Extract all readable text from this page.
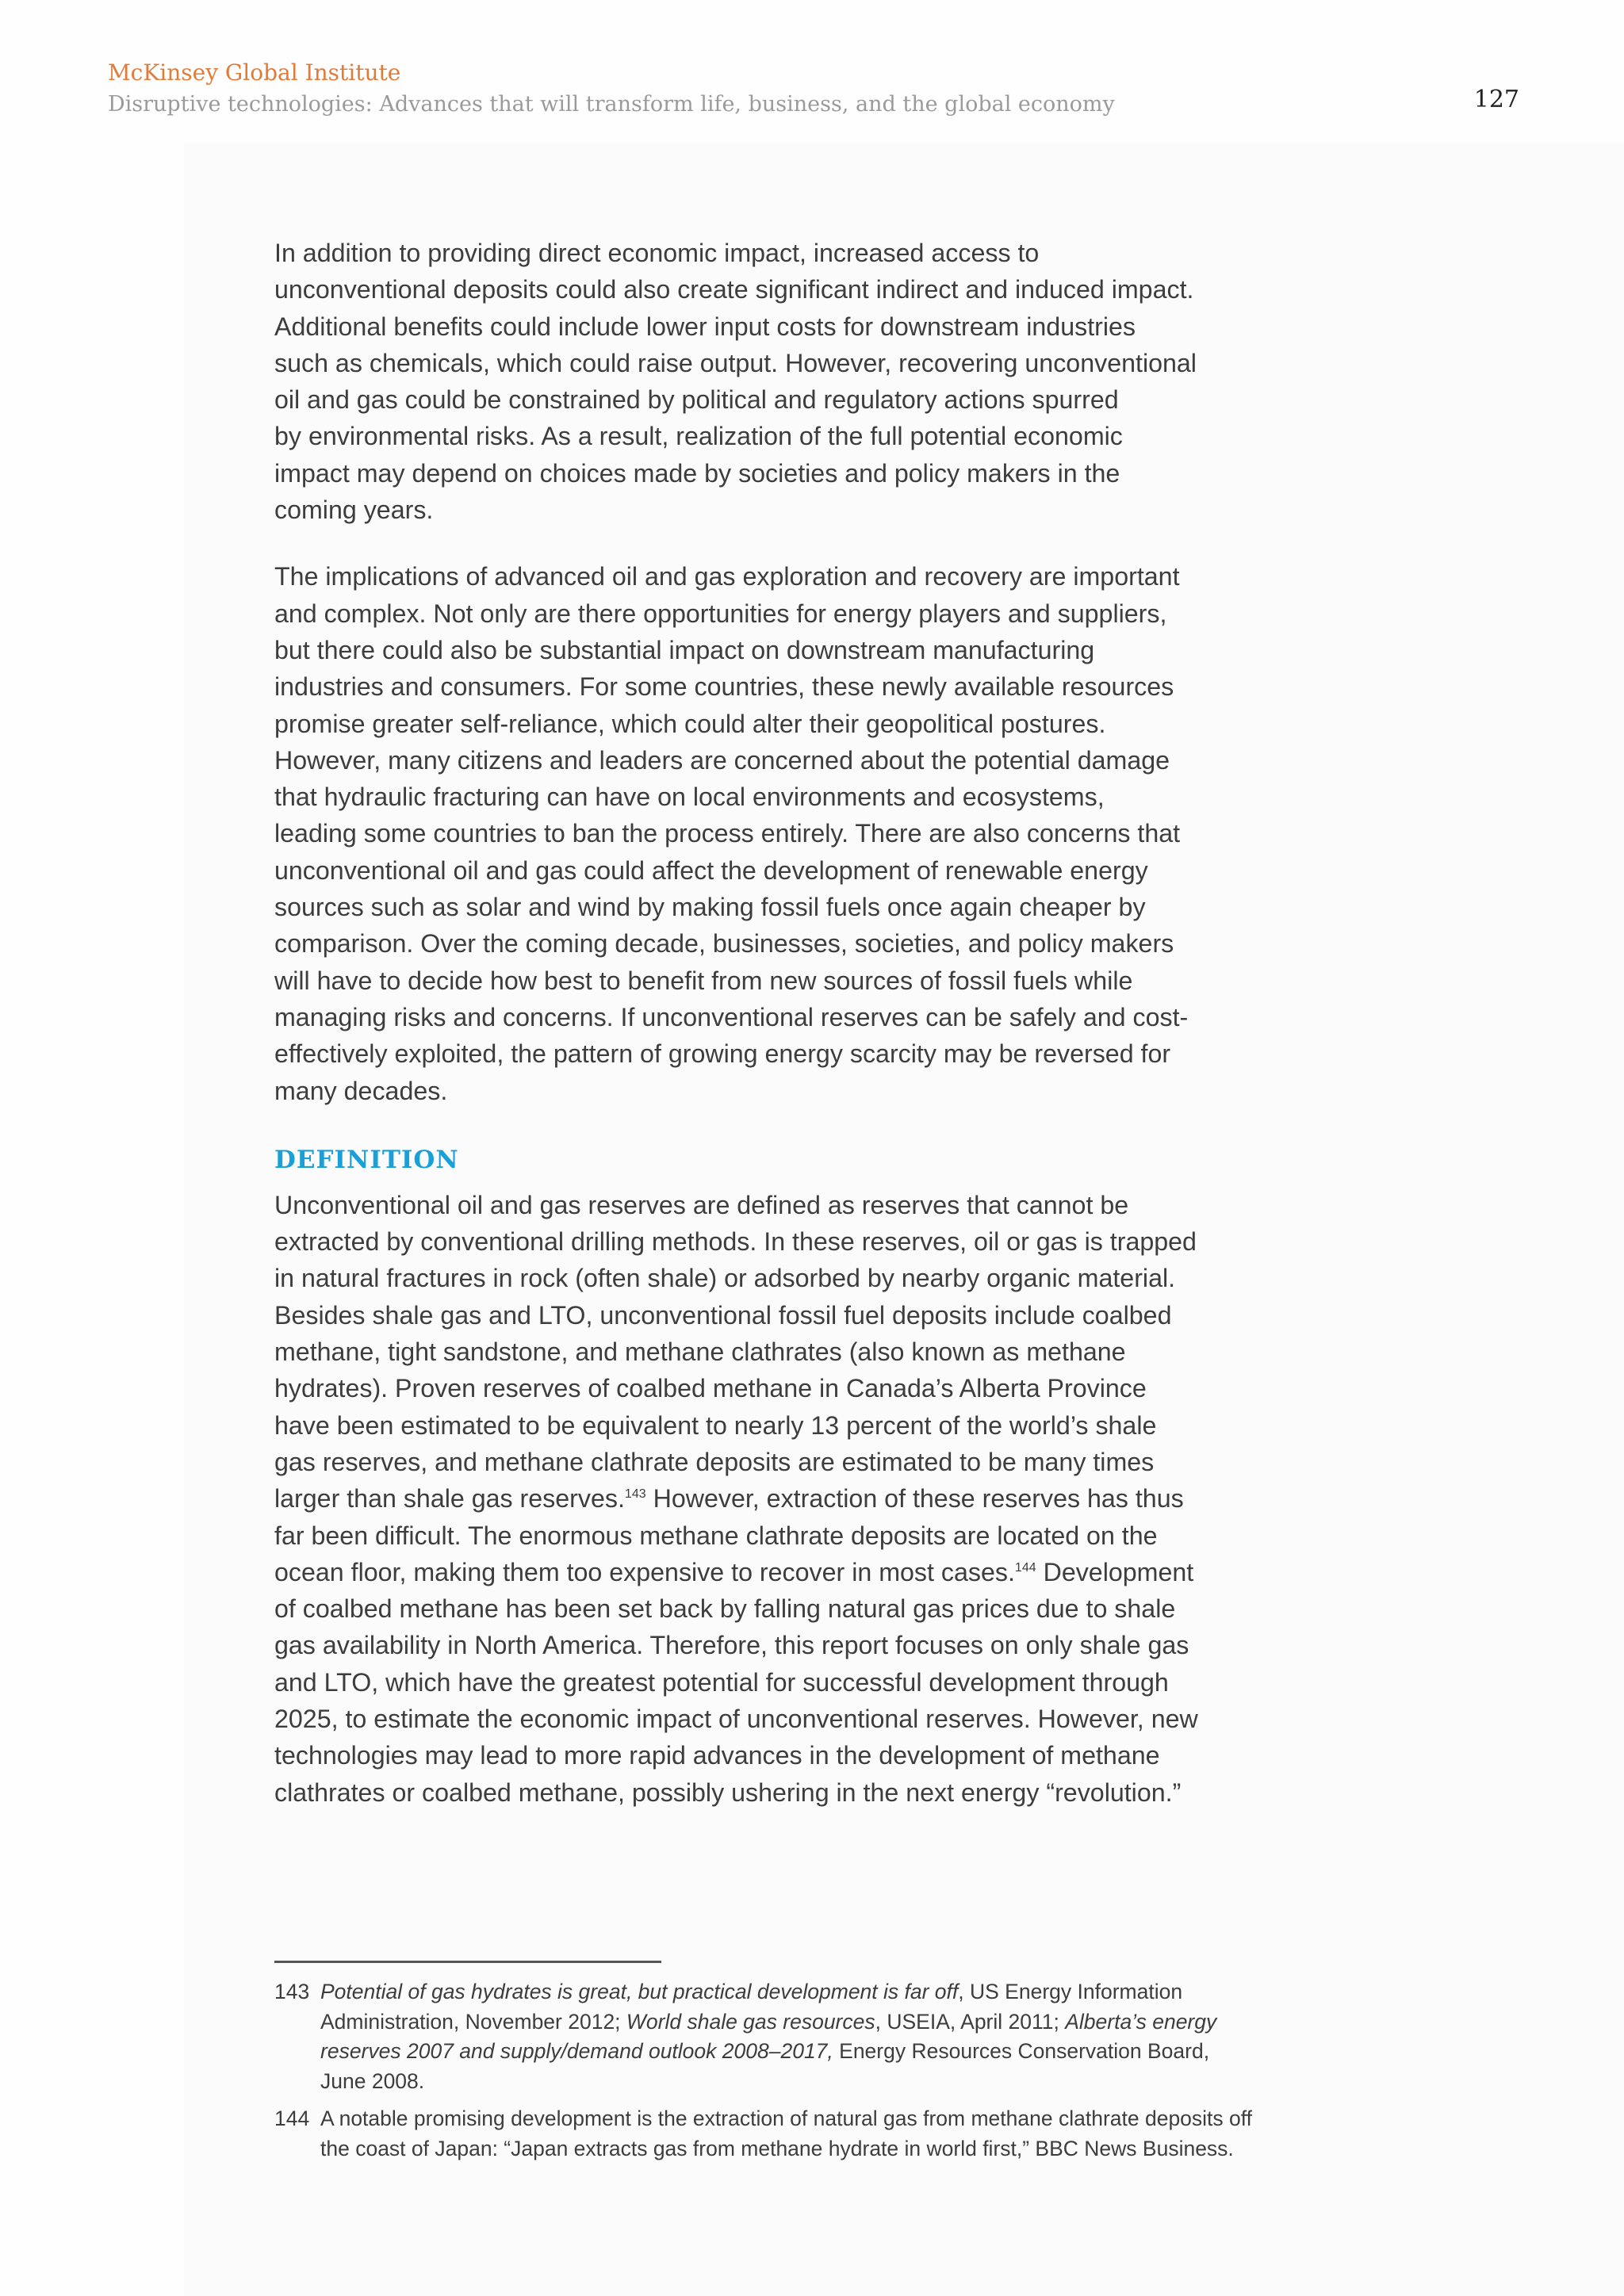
McKinsey Global Institute
Disruptive technologies: Advances that will transform life, business, and the global economy	127

In addition to providing direct economic impact, increased access to
unconventional deposits could also create significant indirect and induced impact.
Additional benefits could include lower input costs for downstream industries
such as chemicals, which could raise output. However, recovering unconventional
oil and gas could be constrained by political and regulatory actions spurred
by environmental risks. As a result, realization of the full potential economic
impact may depend on choices made by societies and policy makers in the
coming years.

The implications of advanced oil and gas exploration and recovery are important
and complex. Not only are there opportunities for energy players and suppliers,
but there could also be substantial impact on downstream manufacturing
industries and consumers. For some countries, these newly available resources
promise greater self-reliance, which could alter their geopolitical postures.
However, many citizens and leaders are concerned about the potential damage
that hydraulic fracturing can have on local environments and ecosystems,
leading some countries to ban the process entirely. There are also concerns that
unconventional oil and gas could affect the development of renewable energy
sources such as solar and wind by making fossil fuels once again cheaper by
comparison. Over the coming decade, businesses, societies, and policy makers
will have to decide how best to benefit from new sources of fossil fuels while
managing risks and concerns. If unconventional reserves can be safely and cost-
effectively exploited, the pattern of growing energy scarcity may be reversed for
many decades.

DEFINITION

Unconventional oil and gas reserves are defined as reserves that cannot be
extracted by conventional drilling methods. In these reserves, oil or gas is trapped
in natural fractures in rock (often shale) or adsorbed by nearby organic material.
Besides shale gas and LTO, unconventional fossil fuel deposits include coalbed
methane, tight sandstone, and methane clathrates (also known as methane
hydrates). Proven reserves of coalbed methane in Canada’s Alberta Province
have been estimated to be equivalent to nearly 13 percent of the world’s shale
gas reserves, and methane clathrate deposits are estimated to be many times
larger than shale gas reserves.$^{143}$ However, extraction of these reserves has thus
far been difficult. The enormous methane clathrate deposits are located on the
ocean floor, making them too expensive to recover in most cases.$^{144}$ Development
of coalbed methane has been set back by falling natural gas prices due to shale
gas availability in North America. Therefore, this report focuses on only shale gas
and LTO, which have the greatest potential for successful development through
2025, to estimate the economic impact of unconventional reserves. However, new
technologies may lead to more rapid advances in the development of methane
clathrates or coalbed methane, possibly ushering in the next energy “revolution.”

143 Potential of gas hydrates is great, but practical development is far off, US Energy Information Administration, November 2012; World shale gas resources, USEIA, April 2011; Alberta’s energy reserves 2007 and supply/demand outlook 2008–2017, Energy Resources Conservation Board, June 2008.
144 A notable promising development is the extraction of natural gas from methane clathrate deposits off the coast of Japan: “Japan extracts gas from methane hydrate in world first,” BBC News Business.
